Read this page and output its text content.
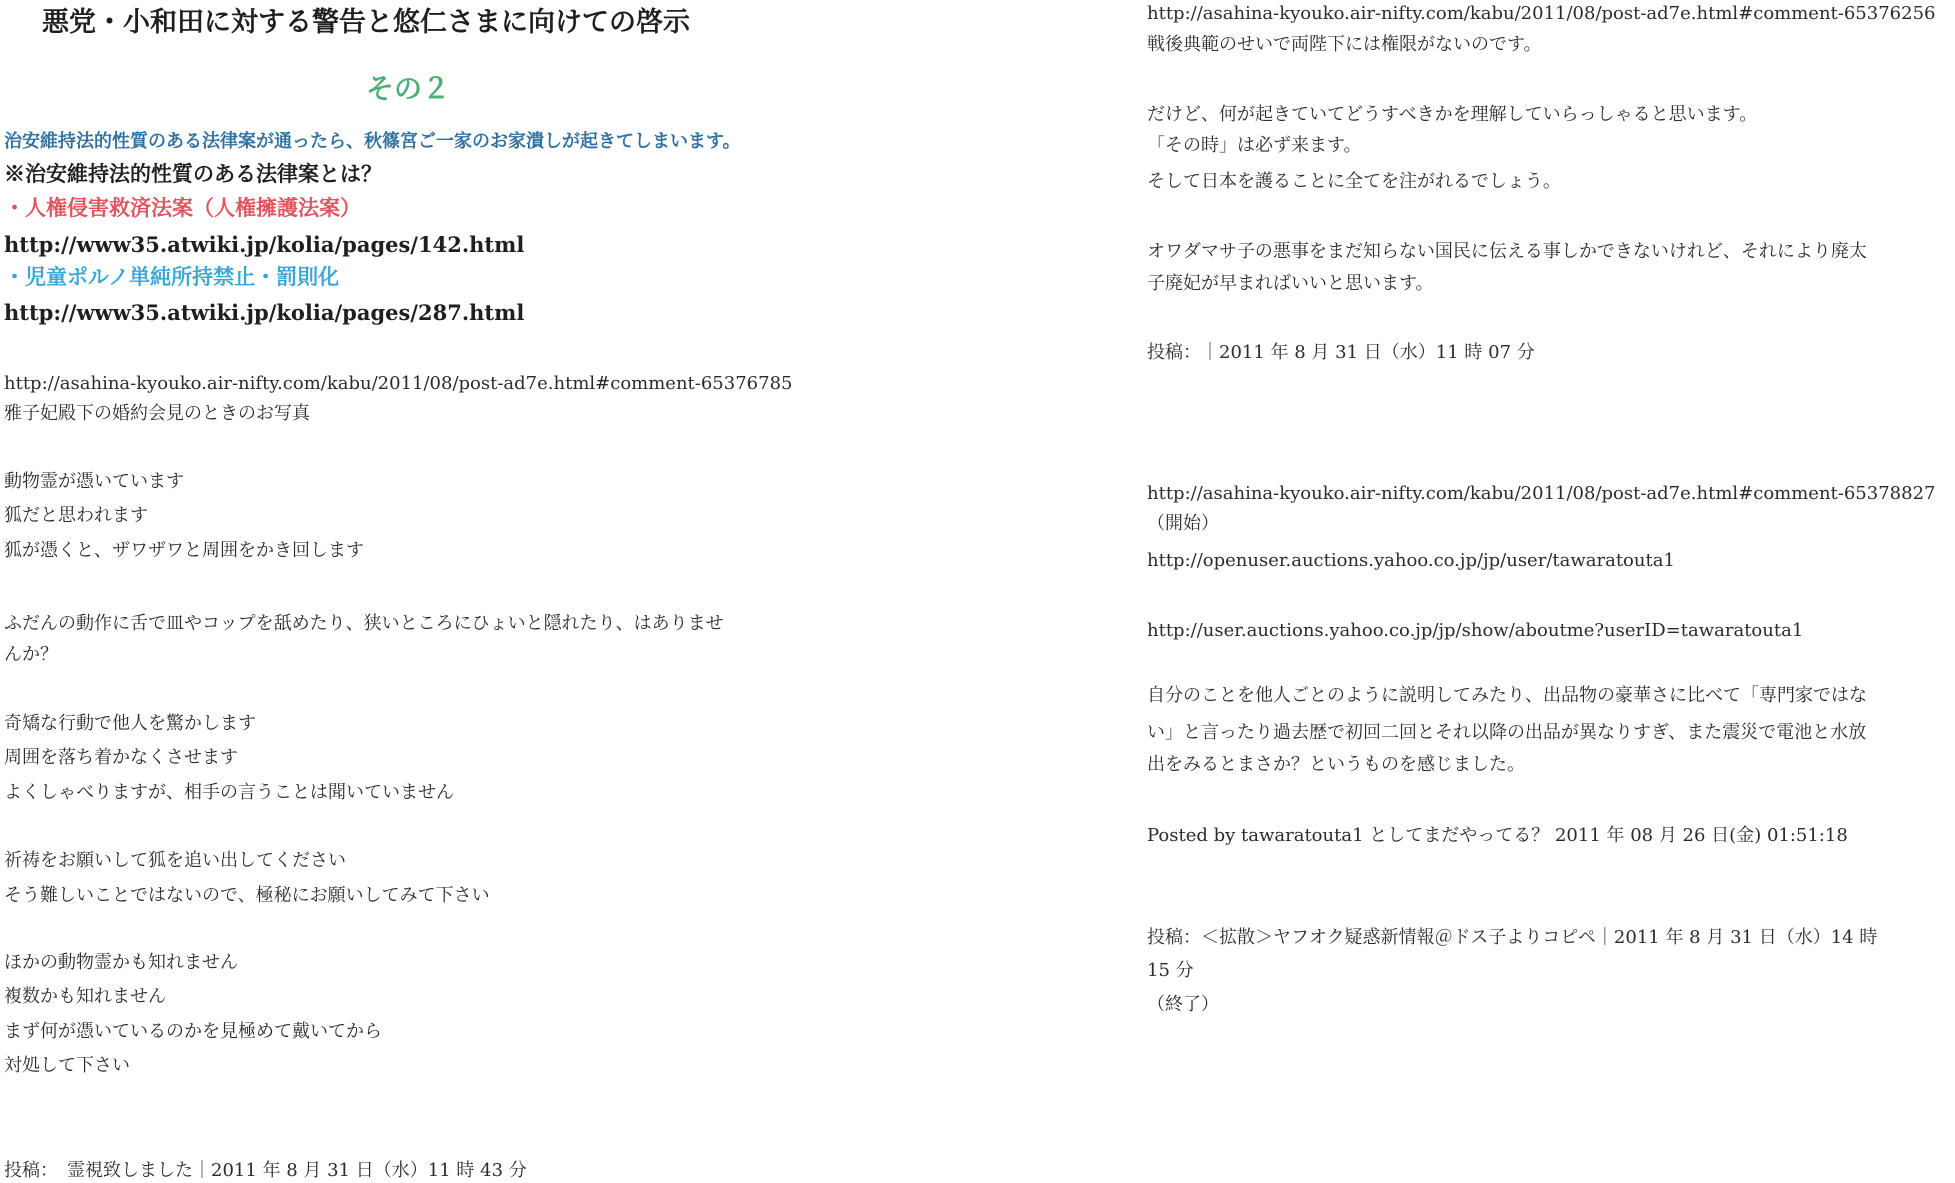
悪党・小和田に対する警告と悠仁さまに向けての啓示
その２
治安維持法的性質のある法律案が通ったら、秋篠宮ご一家のお家潰しが起きてしまいます。
※治安維持法的性質のある法律案とは？
・人権侵害救済法案（人権擁護法案）
http://www35.atwiki.jp/kolia/pages/142.html
・児童ポルノ単純所持禁止・罰則化
http://www35.atwiki.jp/kolia/pages/287.html
http://asahina-kyouko.air-nifty.com/kabu/2011/08/post-ad7e.html#comment-65376785
雅子妃殿下の婚約会見のときのお写真
動物霊が憑いています
狐だと思われます
狐が憑くと、ザワザワと周囲をかき回します
ふだんの動作に舌で皿やコップを舐めたり、狭いところにひょいと隠れたり、はありませ
んか？
奇矯な行動で他人を驚かします
周囲を落ち着かなくさせます
よくしゃべりますが、相手の言うことは聞いていません
祈祷をお願いして狐を追い出してください
そう難しいことではないので、極秘にお願いしてみて下さい
ほかの動物霊かも知れません
複数かも知れません
まず何が憑いているのかを見極めて戴いてから
対処して下さい
投稿：　霊視致しました｜2011 年 8 月 31 日（水）11 時 43 分
http://asahina-kyouko.air-nifty.com/kabu/2011/08/post-ad7e.html#comment-65376256
戦後典範のせいで両陛下には権限がないのです。
だけど、何が起きていてどうすべきかを理解していらっしゃると思います。
「その時」は必ず来ます。
そして日本を護ることに全てを注がれるでしょう。
オワダマサ子の悪事をまだ知らない国民に伝える事しかできないけれど、それにより廃太
子廃妃が早まればいいと思います。
投稿：｜2011 年 8 月 31 日（水）11 時 07 分
http://asahina-kyouko.air-nifty.com/kabu/2011/08/post-ad7e.html#comment-65378827
（開始）
http://openuser.auctions.yahoo.co.jp/jp/user/tawaratouta1
http://user.auctions.yahoo.co.jp/jp/show/aboutme?userID=tawaratouta1
自分のことを他人ごとのように説明してみたり、出品物の豪華さに比べて「専門家ではな
い」と言ったり過去歴で初回二回とそれ以降の出品が異なりすぎ、また震災で電池と水放
出をみるとまさか？というものを感じました。
Posted by tawaratouta1 としてまだやってる？ 2011 年 08 月 26 日(金) 01:51:18
投稿：＜拡散＞ヤフオク疑惑新情報＠ドス子よりコピペ｜2011 年 8 月 31 日（水）14 時
15 分
（終了）
